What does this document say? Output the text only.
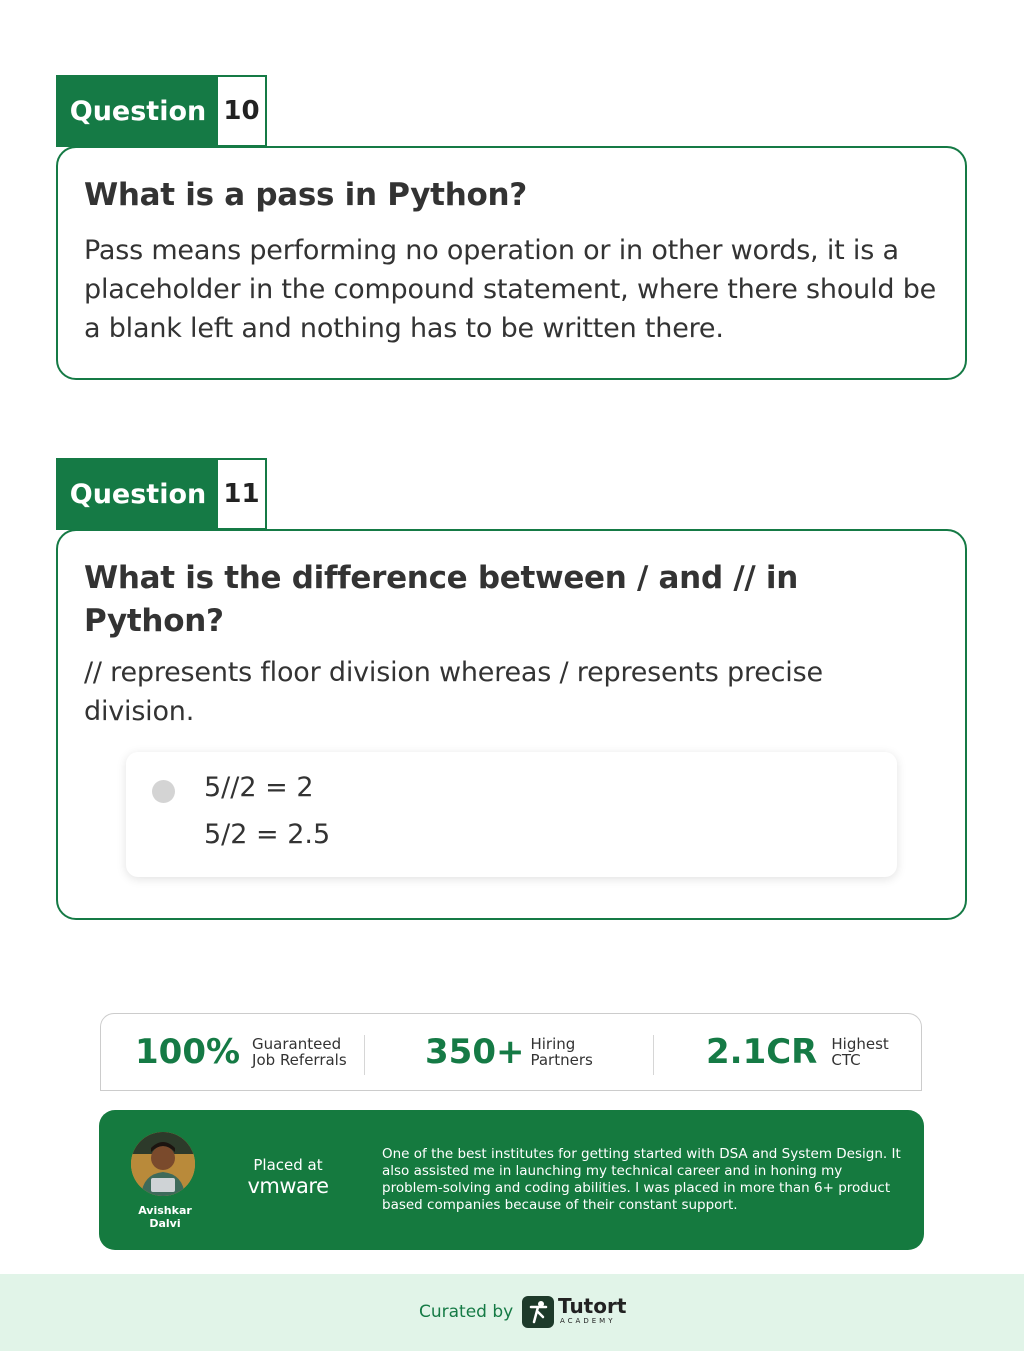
Question 10
What is a pass in Python?
Pass means performing no operation or in other words, it is a placeholder in the compound statement, where there should be a blank left and nothing has to be written there.
Question 11
What is the difference between / and // in Python?
// represents floor division whereas / represents precise division.
5//2 = 2
5/2 = 2.5
100% Guaranteed
Job Referrals 350+ Hiring
Partners	2.1CR Highest
CTC
Avishkar Dalvi
Placed at
vmware
One of the best institutes for getting started with DSA and System Design. It also assisted me in launching my technical career and in honing my problem-solving and coding abilities. I was placed in more than 6+ product based companies because of their constant support.
Curated by Tutort
ACADEMY
